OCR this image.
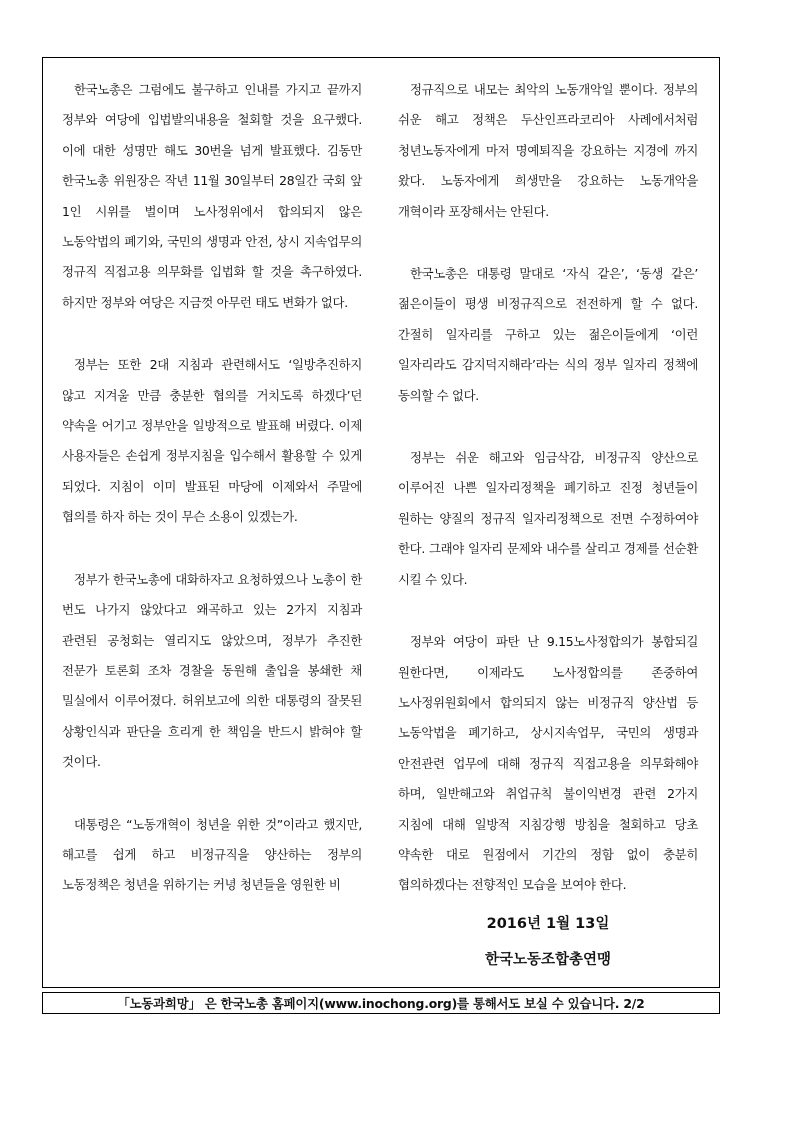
한국노총은 그럼에도 불구하고 인내를 가지고 끝까지 정부와 여당에 입법발의내용을 철회할 것을 요구했다. 이에 대한 성명만 해도 30번을 넘게 발표했다. 김동만 한국노총 위원장은 작년 11월 30일부터 28일간 국회 앞 1인 시위를 벌이며 노사정위에서 합의되지 않은 노동악법의 폐기와, 국민의 생명과 안전, 상시 지속업무의 정규직 직접고용 의무화를 입법화 할 것을 촉구하였다. 하지만 정부와 여당은 지금껏 아무런 태도 변화가 없다.

정부는 또한 2대 지침과 관련해서도 ‘일방추진하지 않고 지겨울 만큼 충분한 협의를 거치도록 하겠다’던 약속을 어기고 정부안을 일방적으로 발표해 버렸다. 이제 사용자들은 손쉽게 정부지침을 입수해서 활용할 수 있게 되었다. 지침이 이미 발표된 마당에 이제와서 주말에 협의를 하자 하는 것이 무슨 소용이 있겠는가.

정부가 한국노총에 대화하자고 요청하였으나 노총이 한 번도 나가지 않았다고 왜곡하고 있는 2가지 지침과 관련된 공청회는 열리지도 않았으며, 정부가 추진한 전문가 토론회 조차 경찰을 동원해 출입을 봉쇄한 채 밀실에서 이루어졌다. 허위보고에 의한 대통령의 잘못된 상황인식과 판단을 흐리게 한 책임을 반드시 밝혀야 할 것이다.

대통령은 “노동개혁이 청년을 위한 것”이라고 했지만, 해고를 쉽게 하고 비정규직을 양산하는 정부의 노동정책은 청년을 위하기는 커녕 청년들을 영원한 비

정규직으로 내모는 최악의 노동개악일 뿐이다. 정부의 쉬운 해고 정책은 두산인프라코리아 사례에서처럼 청년노동자에게 마저 명예퇴직을 강요하는 지경에 까지 왔다. 노동자에게 희생만을 강요하는 노동개악을 개혁이라 포장해서는 안된다.

한국노총은 대통령 말대로 ‘자식 같은’, ‘동생 같은’ 젊은이들이 평생 비정규직으로 전전하게 할 수 없다. 간절히 일자리를 구하고 있는 젊은이들에게 ‘이런 일자리라도 감지덕지해라’라는 식의 정부 일자리 정책에 동의할 수 없다.

정부는 쉬운 해고와 임금삭감, 비정규직 양산으로 이루어진 나쁜 일자리정책을 폐기하고 진정 청년들이 원하는 양질의 정규직 일자리정책으로 전면 수정하여야 한다. 그래야 일자리 문제와 내수를 살리고 경제를 선순환 시킬 수 있다.

정부와 여당이 파탄 난 9.15노사정합의가 봉합되길 원한다면, 이제라도 노사정합의를 존중하여 노사정위원회에서 합의되지 않는 비정규직 양산법 등 노동악법을 폐기하고, 상시지속업무, 국민의 생명과 안전관련 업무에 대해 정규직 직접고용을 의무화해야 하며, 일반해고와 취업규칙 불이익변경 관련 2가지 지침에 대해 일방적 지침강행 방침을 철회하고 당초 약속한 대로 원점에서 기간의 정함 없이 충분히 협의하겠다는 전향적인 모습을 보여야 한다.

2016년 1월 13일

한국노동조합총연맹

「노동과희망」 은 한국노총 홈페이지(www.inochong.org)를 통해서도 보실 수 있습니다. 2/2
